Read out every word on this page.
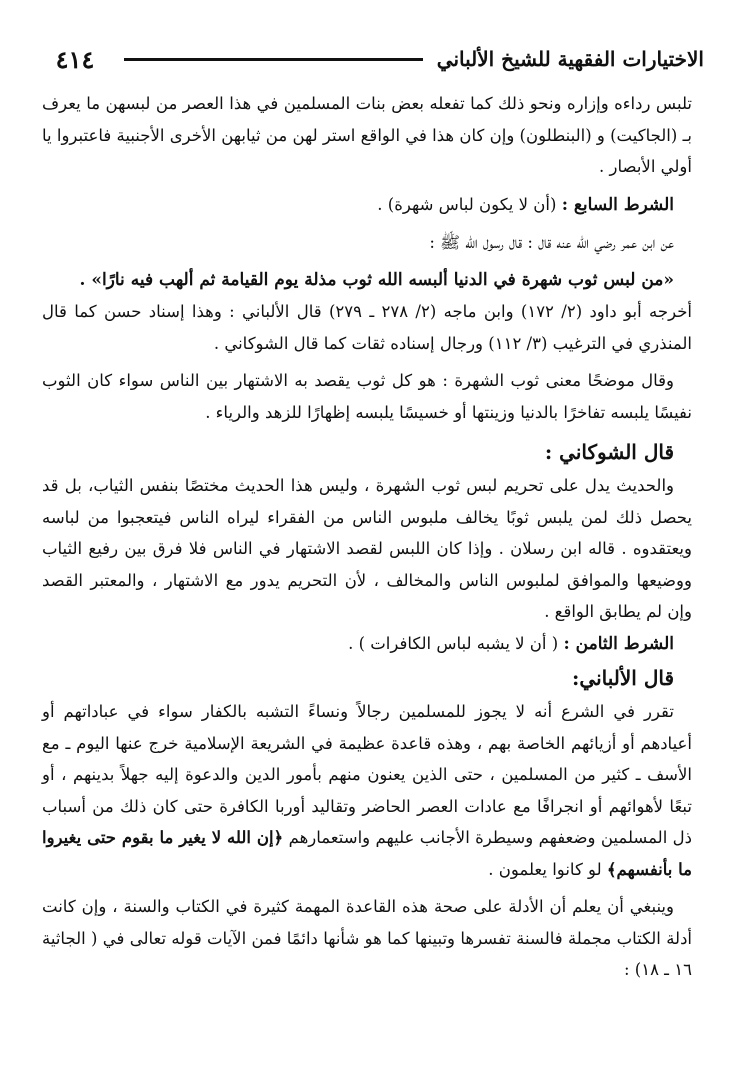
٤١٤	الاختيارات الفقهية للشيخ الألباني

تلبس رداءه وإزاره ونحو ذلك كما تفعله بعض بنات المسلمين في هذا العصر من لبسهن ما يعرف بـ (الجاكيت) و (البنطلون) وإن كان هذا في الواقع استر لهن من ثيابهن الأخرى الأجنبية فاعتبروا يا أولي الأبصار .

الشرط السابع : (أن لا يكون لباس شهرة) .

عن ابن عمر رضي الله عنه قال : قال رسول الله ﷺ :

«من لبس ثوب شهرة في الدنيا ألبسه الله ثوب مذلة يوم القيامة ثم ألهب فيه نارًا» .

أخرجه أبو داود (٢/ ١٧٢) وابن ماجه (٢/ ٢٧٨ ـ ٢٧٩) قال الألباني : وهذا إسناد حسن كما قال المنذري في الترغيب (٣/ ١١٢) ورجال إسناده ثقات كما قال الشوكاني .

وقال موضحًا معنى ثوب الشهرة : هو كل ثوب يقصد به الاشتهار بين الناس سواء كان الثوب نفيسًا يلبسه تفاخرًا بالدنيا وزينتها أو خسيسًا يلبسه إظهارًا للزهد والرياء .

قال الشوكاني :

والحديث يدل على تحريم لبس ثوب الشهرة ، وليس هذا الحديث مختصًا بنفس الثياب، بل قد يحصل ذلك لمن يلبس ثوبًا يخالف ملبوس الناس من الفقراء ليراه الناس فيتعجبوا من لباسه ويعتقدوه . قاله ابن رسلان . وإذا كان اللبس لقصد الاشتهار في الناس فلا فرق بين رفيع الثياب ووضيعها والموافق لملبوس الناس والمخالف ، لأن التحريم يدور مع الاشتهار ، والمعتبر القصد وإن لم يطابق الواقع .

الشرط الثامن : ( أن لا يشبه لباس الكافرات ) .

قال الألباني:

تقرر في الشرع أنه لا يجوز للمسلمين رجالاً ونساءً التشبه بالكفار سواء في عباداتهم أو أعيادهم أو أزيائهم الخاصة بهم ، وهذه قاعدة عظيمة في الشريعة الإسلامية خرج عنها اليوم ـ مع الأسف ـ كثير من المسلمين ، حتى الذين يعنون منهم بأمور الدين والدعوة إليه جهلاً بدينهم ، أو تبعًا لأهوائهم أو انجرافًا مع عادات العصر الحاضر وتقاليد أوربا الكافرة حتى كان ذلك من أسباب ذل المسلمين وضعفهم وسيطرة الأجانب عليهم واستعمارهم ﴿إن الله لا يغير ما بقوم حتى يغيروا ما بأنفسهم﴾ لو كانوا يعلمون .

وينبغي أن يعلم أن الأدلة على صحة هذه القاعدة المهمة كثيرة في الكتاب والسنة ، وإن كانت أدلة الكتاب مجملة فالسنة تفسرها وتبينها كما هو شأنها دائمًا فمن الآيات قوله تعالى في ( الجاثية ١٦ ـ ١٨) :
